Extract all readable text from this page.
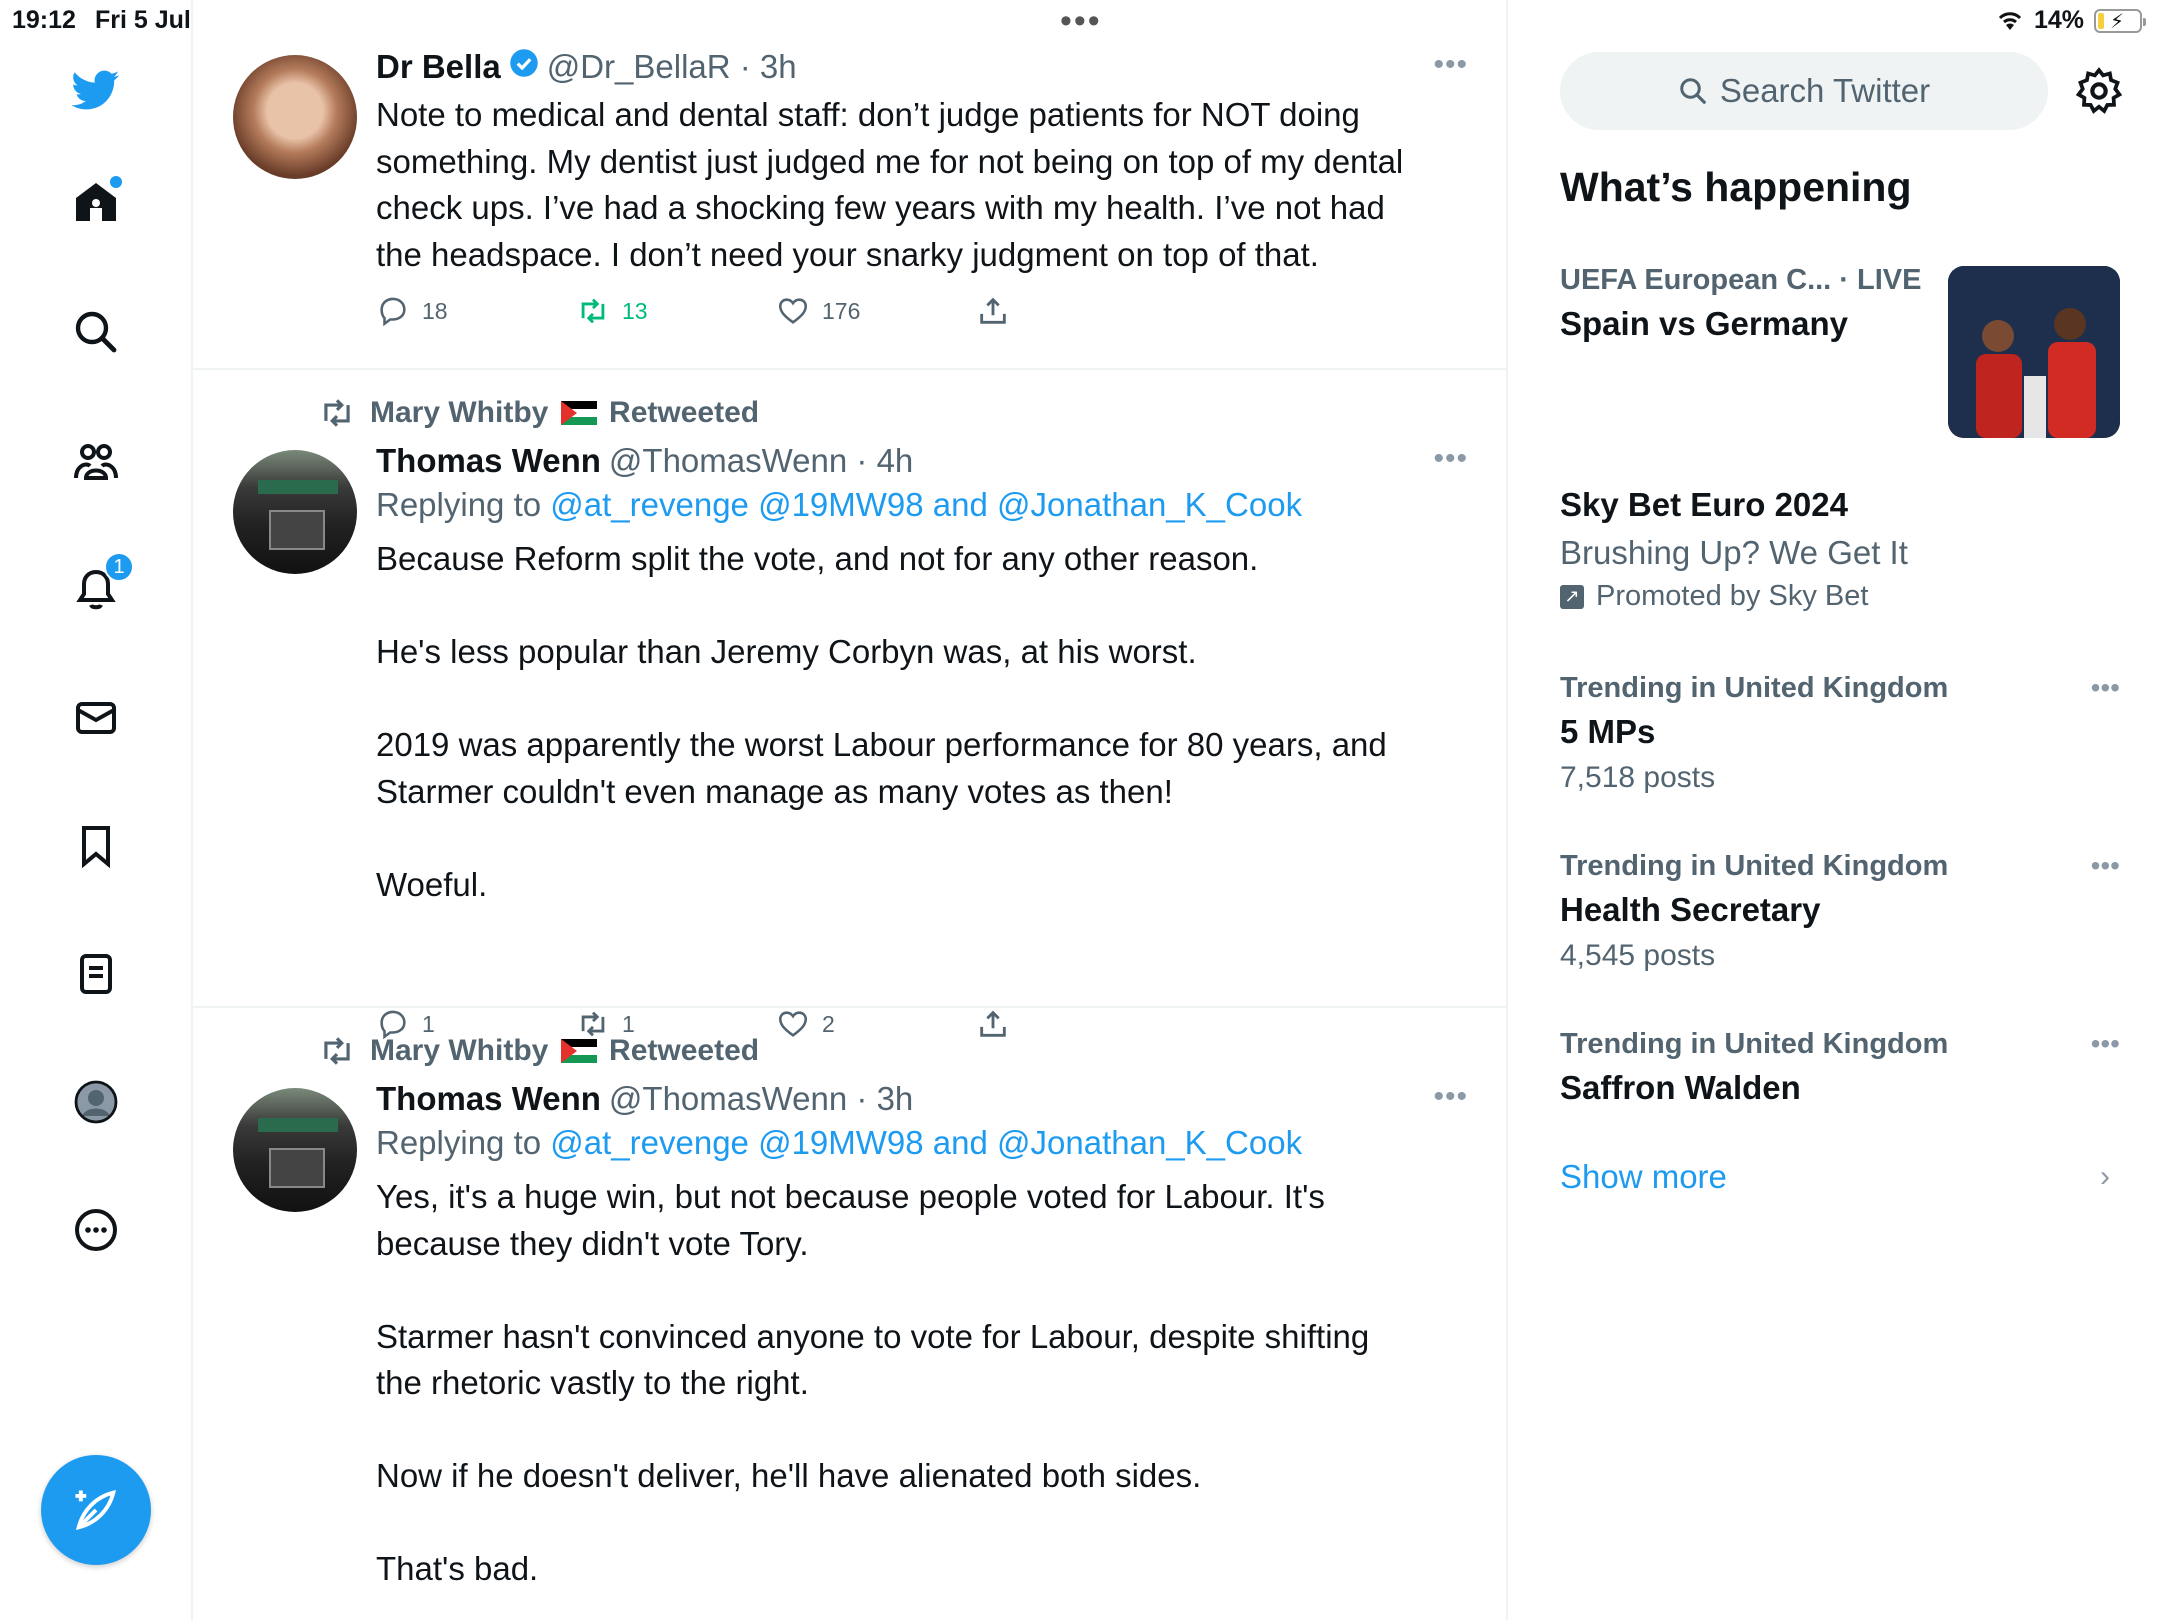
19:12 Fri 5 Jul	•••	14% ⚡
1
Dr Bella @Dr_BellaR · 3h	•••
Note to medical and dental staff: don’t judge patients for NOT doing
something. My dentist just judged me for not being on top of my dental
check ups. I’ve had a shocking few years with my health. I’ve not had
the headspace. I don’t need your snarky judgment on top of that.
18	13	176
Mary Whitby Retweeted
Thomas Wenn @ThomasWenn · 4h	•••
Replying to @at_revenge @19MW98 and @Jonathan_K_Cook
Because Reform split the vote, and not for any other reason.

He's less popular than Jeremy Corbyn was, at his worst.

2019 was apparently the worst Labour performance for 80 years, and
Starmer couldn't even manage as many votes as then!

Woeful.
1	1	2
Mary Whitby Retweeted
Thomas Wenn @ThomasWenn · 3h	•••
Replying to @at_revenge @19MW98 and @Jonathan_K_Cook
Yes, it's a huge win, but not because people voted for Labour. It's
because they didn't vote Tory.

Starmer hasn't convinced anyone to vote for Labour, despite shifting
the rhetoric vastly to the right.

Now if he doesn't deliver, he'll have alienated both sides.

That's bad.
Search Twitter
What’s happening
UEFA European C... · LIVE
Spain vs Germany
Sky Bet Euro 2024
Brushing Up? We Get It
↗ Promoted by Sky Bet
Trending in United Kingdom
5 MPs
7,518 posts
•••
Trending in United Kingdom
Health Secretary
4,545 posts
•••
Trending in United Kingdom
Saffron Walden
•••
Show more	›
